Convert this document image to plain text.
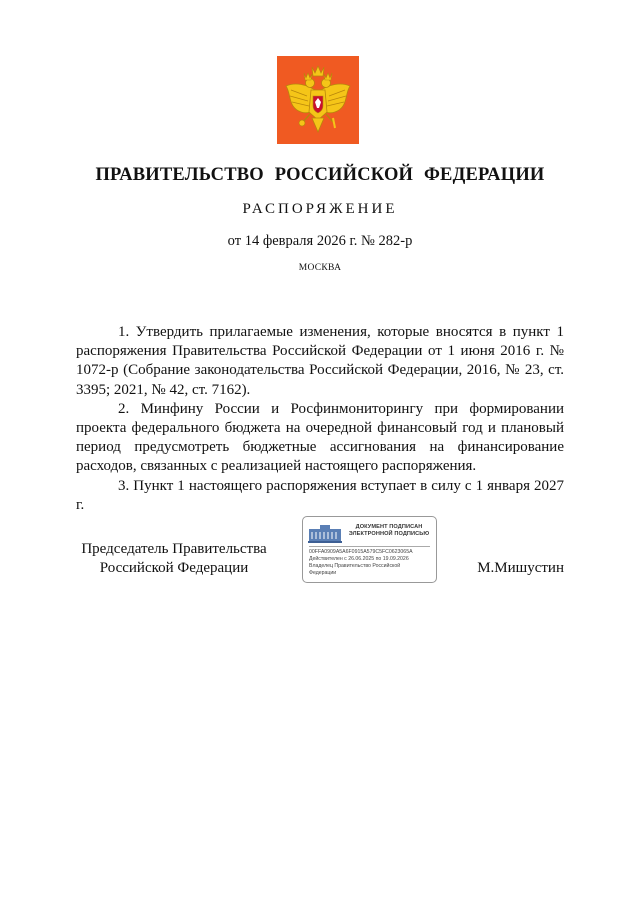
ПРАВИТЕЛЬСТВО РОССИЙСКОЙ ФЕДЕРАЦИИ
РАСПОРЯЖЕНИЕ
от 14 февраля 2026 г. № 282-р
МОСКВА

1. Утвердить прилагаемые изменения, которые вносятся в пункт 1 распоряжения Правительства Российской Федерации от 1 июня 2016 г. № 1072-р (Собрание законодательства Российской Федерации, 2016, № 23, ст. 3395; 2021, № 42, ст. 7162).

2. Минфину России и Росфинмониторингу при формировании проекта федерального бюджета на очередной финансовый год и плановый период предусмотреть бюджетные ассигнования на финансирование расходов, связанных с реализацией настоящего распоряжения.

3. Пункт 1 настоящего распоряжения вступает в силу с 1 января 2027 г.

Председатель Правительства
Российской Федерации
ДОКУМЕНТ ПОДПИСАН
ЭЛЕКТРОННОЙ ПОДПИСЬЮ
00FFA0909A5A6F0915A579C5FC0623065A
Действителен с 26.06.2025 по 19.09.2026
Владелец Правительство Российской
Федерации	М.Мишустин
